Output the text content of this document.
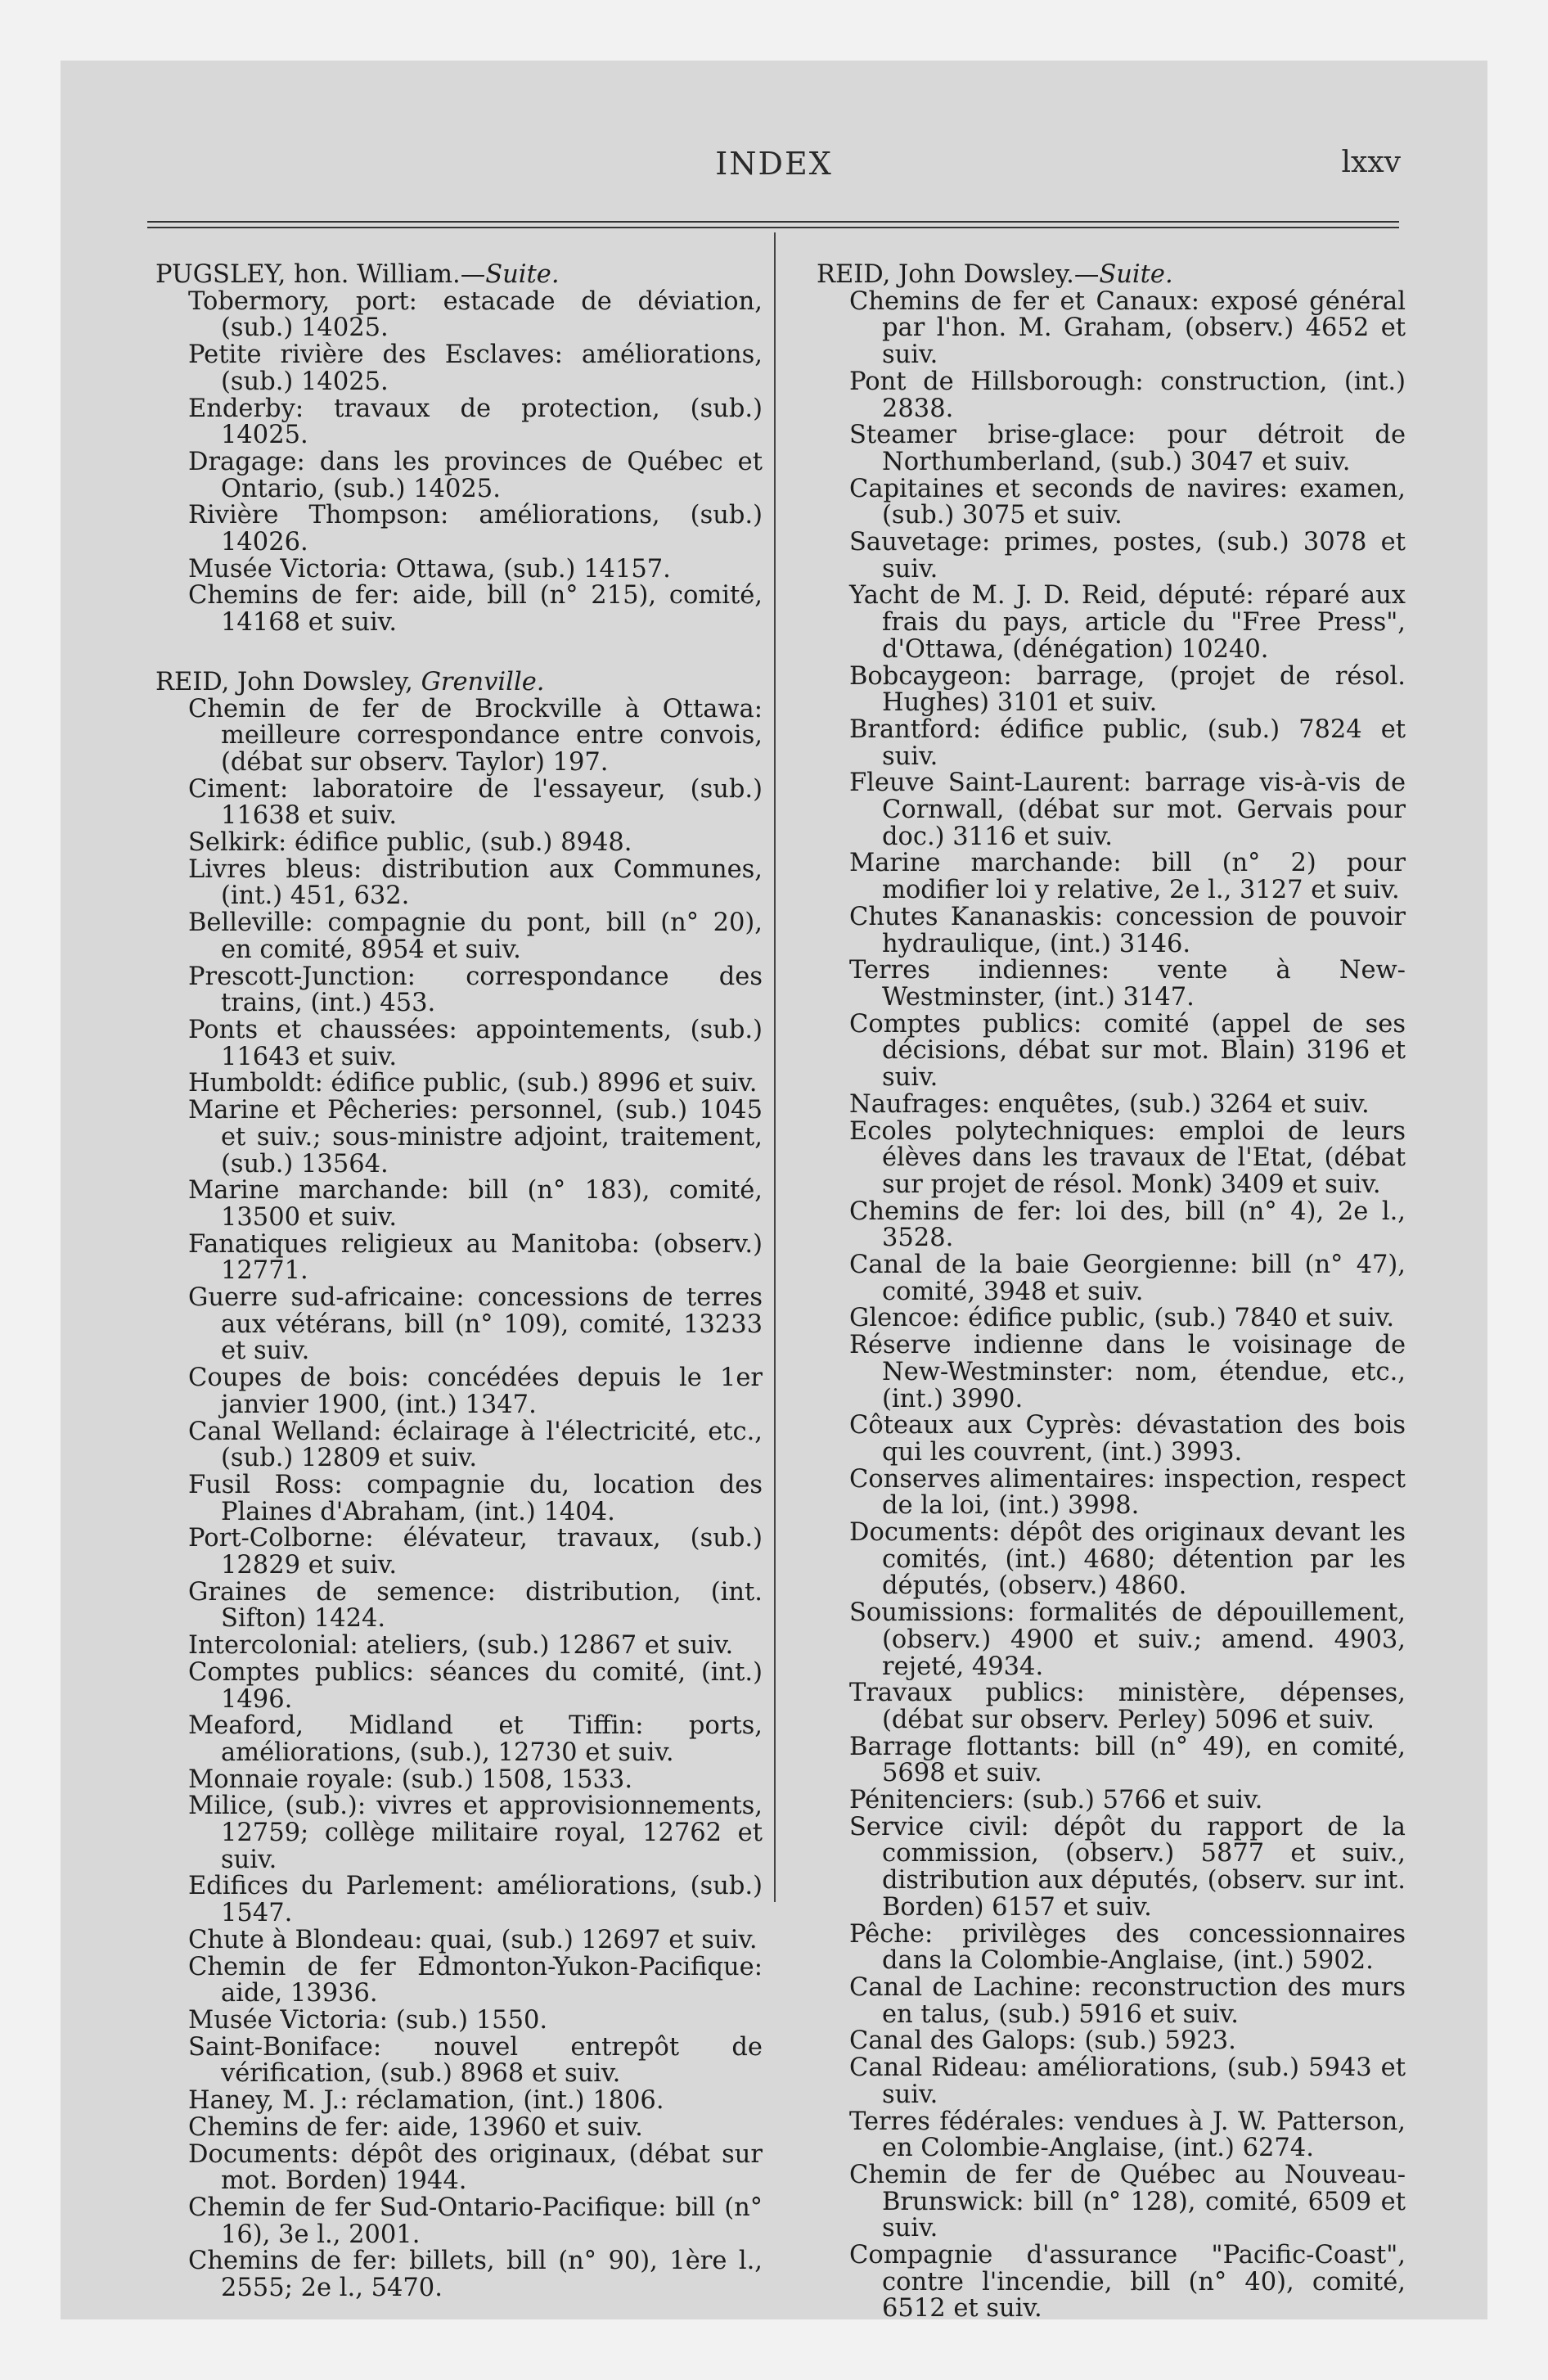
INDEX	lxxv

PUGSLEY, hon. William.—Suite.

Tobermory, port: estacade de déviation, (sub.) 14025.
Petite rivière des Esclaves: améliorations, (sub.) 14025.
Enderby: travaux de protection, (sub.) 14025.
Dragage: dans les provinces de Québec et Ontario, (sub.) 14025.
Rivière Thompson: améliorations, (sub.) 14026.
Musée Victoria: Ottawa, (sub.) 14157.
Chemins de fer: aide, bill (n° 215), comité, 14168 et suiv.

REID, John Dowsley, Grenville.

Chemin de fer de Brockville à Ottawa: meilleure correspondance entre convois, (débat sur observ. Taylor) 197.
Ciment: laboratoire de l'essayeur, (sub.) 11638 et suiv.
Selkirk: édifice public, (sub.) 8948.
Livres bleus: distribution aux Communes, (int.) 451, 632.
Belleville: compagnie du pont, bill (n° 20), en comité, 8954 et suiv.
Prescott-Junction: correspondance des trains, (int.) 453.
Ponts et chaussées: appointements, (sub.) 11643 et suiv.
Humboldt: édifice public, (sub.) 8996 et suiv.
Marine et Pêcheries: personnel, (sub.) 1045 et suiv.; sous-ministre adjoint, traitement, (sub.) 13564.
Marine marchande: bill (n° 183), comité, 13500 et suiv.
Fanatiques religieux au Manitoba: (observ.) 12771.
Guerre sud-africaine: concessions de terres aux vétérans, bill (n° 109), comité, 13233 et suiv.
Coupes de bois: concédées depuis le 1er janvier 1900, (int.) 1347.
Canal Welland: éclairage à l'électricité, etc., (sub.) 12809 et suiv.
Fusil Ross: compagnie du, location des Plaines d'Abraham, (int.) 1404.
Port-Colborne: élévateur, travaux, (sub.) 12829 et suiv.
Graines de semence: distribution, (int. Sifton) 1424.
Intercolonial: ateliers, (sub.) 12867 et suiv.
Comptes publics: séances du comité, (int.) 1496.
Meaford, Midland et Tiffin: ports, améliorations, (sub.), 12730 et suiv.
Monnaie royale: (sub.) 1508, 1533.
Milice, (sub.): vivres et approvisionnements, 12759; collège militaire royal, 12762 et suiv.
Edifices du Parlement: améliorations, (sub.) 1547.
Chute à Blondeau: quai, (sub.) 12697 et suiv.
Chemin de fer Edmonton-Yukon-Pacifique: aide, 13936.
Musée Victoria: (sub.) 1550.
Saint-Boniface: nouvel entrepôt de vérification, (sub.) 8968 et suiv.
Haney, M. J.: réclamation, (int.) 1806.
Chemins de fer: aide, 13960 et suiv.
Documents: dépôt des originaux, (débat sur mot. Borden) 1944.
Chemin de fer Sud-Ontario-Pacifique: bill (n° 16), 3e l., 2001.
Chemins de fer: billets, bill (n° 90), 1ère l., 2555; 2e l., 5470.

REID, John Dowsley.—Suite.

Chemins de fer et Canaux: exposé général par l'hon. M. Graham, (observ.) 4652 et suiv.
Pont de Hillsborough: construction, (int.) 2838.
Steamer brise-glace: pour détroit de Northumberland, (sub.) 3047 et suiv.
Capitaines et seconds de navires: examen, (sub.) 3075 et suiv.
Sauvetage: primes, postes, (sub.) 3078 et suiv.
Yacht de M. J. D. Reid, député: réparé aux frais du pays, article du "Free Press", d'Ottawa, (dénégation) 10240.
Bobcaygeon: barrage, (projet de résol. Hughes) 3101 et suiv.
Brantford: édifice public, (sub.) 7824 et suiv.
Fleuve Saint-Laurent: barrage vis-à-vis de Cornwall, (débat sur mot. Gervais pour doc.) 3116 et suiv.
Marine marchande: bill (n° 2) pour modifier loi y relative, 2e l., 3127 et suiv.
Chutes Kananaskis: concession de pouvoir hydraulique, (int.) 3146.
Terres indiennes: vente à New-Westminster, (int.) 3147.
Comptes publics: comité (appel de ses décisions, débat sur mot. Blain) 3196 et suiv.
Naufrages: enquêtes, (sub.) 3264 et suiv.
Ecoles polytechniques: emploi de leurs élèves dans les travaux de l'Etat, (débat sur projet de résol. Monk) 3409 et suiv.
Chemins de fer: loi des, bill (n° 4), 2e l., 3528.
Canal de la baie Georgienne: bill (n° 47), comité, 3948 et suiv.
Glencoe: édifice public, (sub.) 7840 et suiv.
Réserve indienne dans le voisinage de New-Westminster: nom, étendue, etc., (int.) 3990.
Côteaux aux Cyprès: dévastation des bois qui les couvrent, (int.) 3993.
Conserves alimentaires: inspection, respect de la loi, (int.) 3998.
Documents: dépôt des originaux devant les comités, (int.) 4680; détention par les députés, (observ.) 4860.
Soumissions: formalités de dépouillement, (observ.) 4900 et suiv.; amend. 4903, rejeté, 4934.
Travaux publics: ministère, dépenses, (débat sur observ. Perley) 5096 et suiv.
Barrage flottants: bill (n° 49), en comité, 5698 et suiv.
Pénitenciers: (sub.) 5766 et suiv.
Service civil: dépôt du rapport de la commission, (observ.) 5877 et suiv., distribution aux députés, (observ. sur int. Borden) 6157 et suiv.
Pêche: privilèges des concessionnaires dans la Colombie-Anglaise, (int.) 5902.
Canal de Lachine: reconstruction des murs en talus, (sub.) 5916 et suiv.
Canal des Galops: (sub.) 5923.
Canal Rideau: améliorations, (sub.) 5943 et suiv.
Terres fédérales: vendues à J. W. Patterson, en Colombie-Anglaise, (int.) 6274.
Chemin de fer de Québec au Nouveau-Brunswick: bill (n° 128), comité, 6509 et suiv.
Compagnie d'assurance "Pacific-Coast", contre l'incendie, bill (n° 40), comité, 6512 et suiv.
